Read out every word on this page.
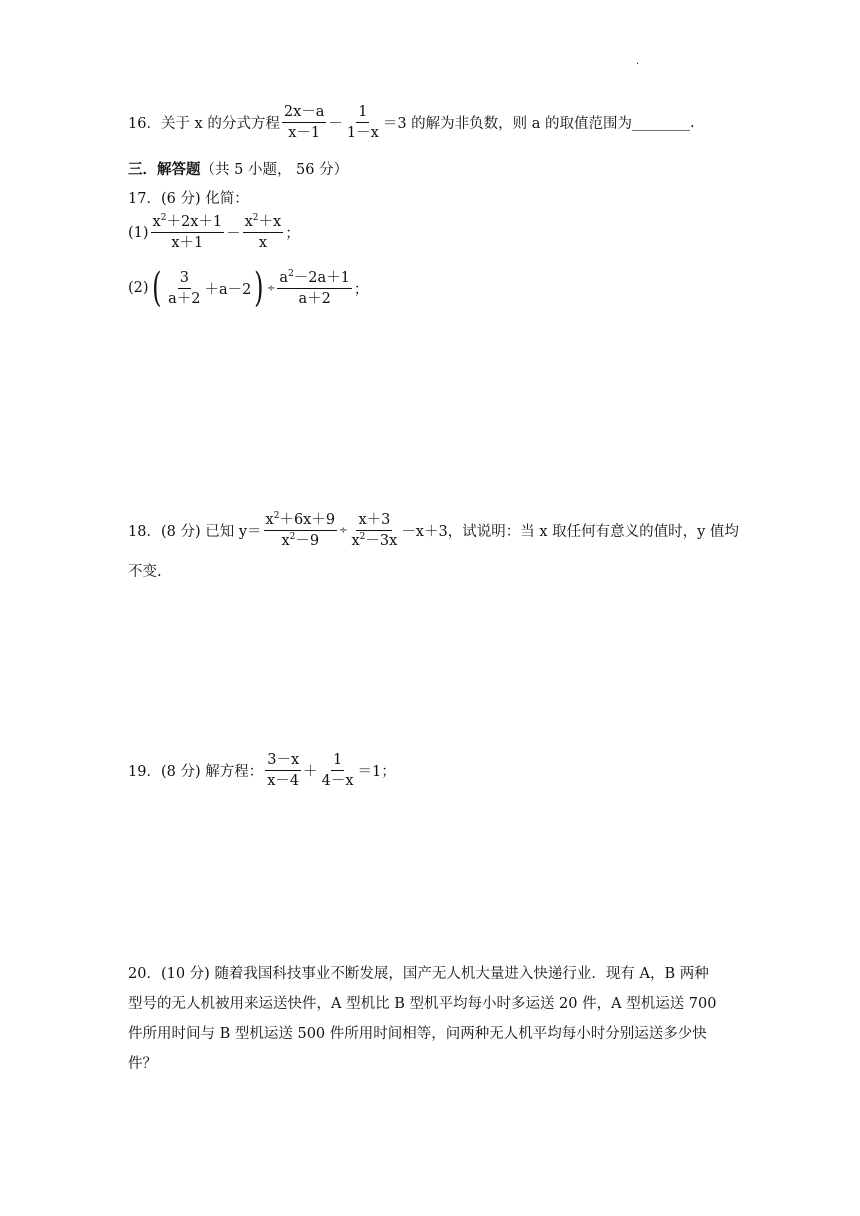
.
16． 关于 x 的分式方程 $\frac{2x-a}{x-1} - \frac{1}{1-x} =3$ 的解为非负数，则 a 的取值范围为 ________ .
三．解答题（共 5 小题， 56 分）
17．(6 分) 化简：
$(1) \frac{x^2+2x+1}{x+1} - \frac{x^2+x}{x}$ ；
(2) ( $\frac{3}{a+2} +a-2$ ) ÷ $\frac{a^2-2a+1}{a+2}$ ；
18． (8 分)
已知 $y= \frac{x^2+6x+9}{x^2-9} \div \frac{x+3}{x^2-3x} -x+3$，试说明：当 x 取任何有意义的值时，y 值均
不变.
19． (8 分)
解方程： $\frac{3-x}{x-4} + \frac{1}{4-x} =1$；
20．(10 分) 随着我国科技事业不断发展，国产无人机大量进入快递行业．现有 A，B 两种
型号的无人机被用来运送快件，A 型机比 B 型机平均每小时多运送 20 件，A 型机运送 700
件所用时间与 B 型机运送 500 件所用时间相等，问两种无人机平均每小时分别运送多少快
件？
